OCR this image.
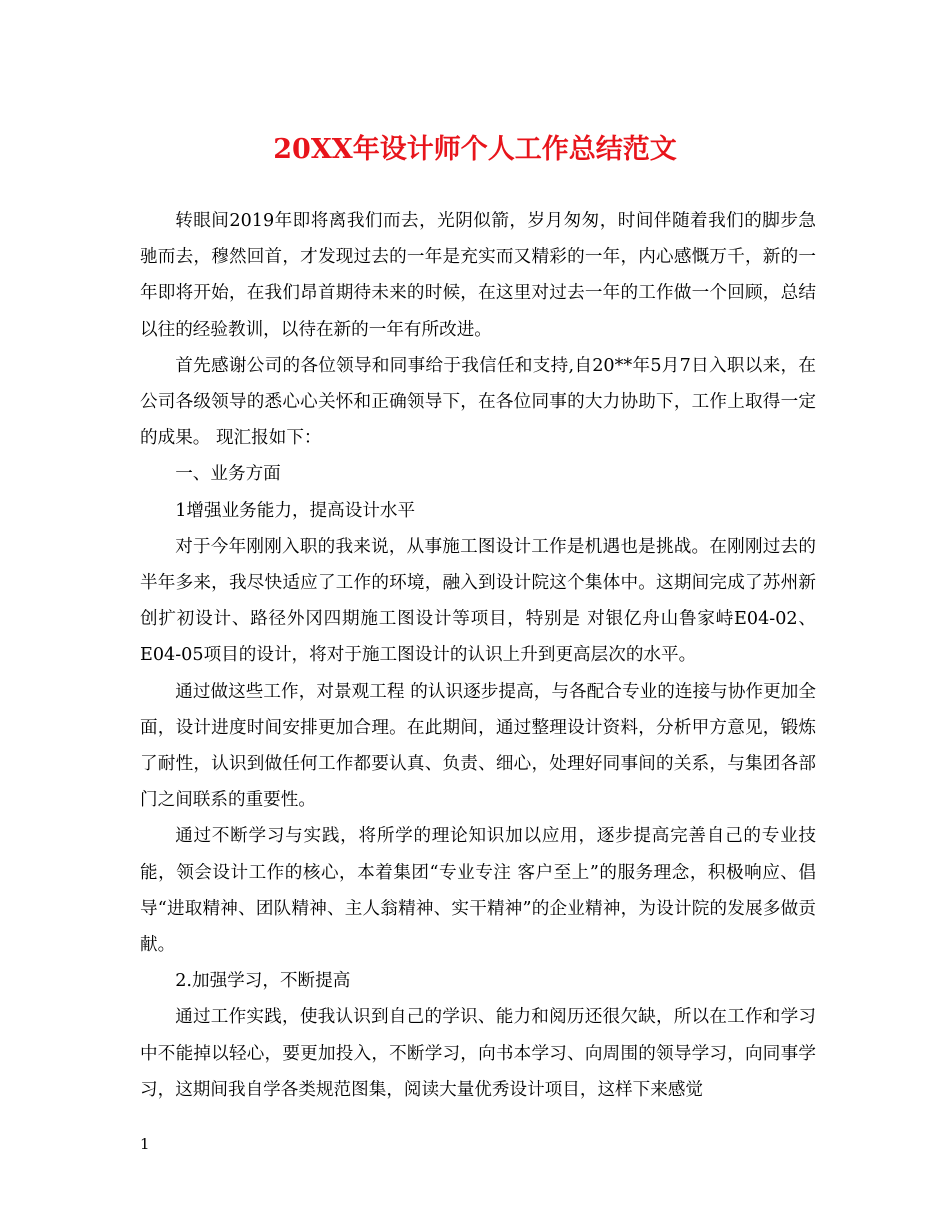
20XX年设计师个人工作总结范文

转眼间2019年即将离我们而去，光阴似箭，岁月匆匆，时间伴随着我们的脚步急驰而去，穆然回首，才发现过去的一年是充实而又精彩的一年，内心感慨万千，新的一年即将开始，在我们昂首期待未来的时候，在这里对过去一年的工作做一个回顾，总结以往的经验教训，以待在新的一年有所改进。

首先感谢公司的各位领导和同事给于我信任和支持,自20**年5月7日入职以来，在公司各级领导的悉心心关怀和正确领导下，在各位同事的大力协助下，工作上取得一定的成果。 现汇报如下：

一、业务方面

1增强业务能力，提高设计水平

对于今年刚刚入职的我来说，从事施工图设计工作是机遇也是挑战。在刚刚过去的半年多来，我尽快适应了工作的环境，融入到设计院这个集体中。这期间完成了苏州新创扩初设计、路径外冈四期施工图设计等项目，特别是 对银亿舟山鲁家峙E04-02、E04-05项目的设计，将对于施工图设计的认识上升到更高层次的水平。

通过做这些工作，对景观工程 的认识逐步提高，与各配合专业的连接与协作更加全面，设计进度时间安排更加合理。在此期间，通过整理设计资料，分析甲方意见，锻炼了耐性，认识到做任何工作都要认真、负责、细心，处理好同事间的关系，与集团各部门之间联系的重要性。

通过不断学习与实践，将所学的理论知识加以应用，逐步提高完善自己的专业技能，领会设计工作的核心，本着集团“专业专注 客户至上”的服务理念，积极响应、倡导“进取精神、团队精神、主人翁精神、实干精神”的企业精神，为设计院的发展多做贡献。

2.加强学习，不断提高

通过工作实践，使我认识到自己的学识、能力和阅历还很欠缺，所以在工作和学习中不能掉以轻心，要更加投入，不断学习，向书本学习、向周围的领导学习，向同事学习，这期间我自学各类规范图集，阅读大量优秀设计项目，这样下来感觉

1
